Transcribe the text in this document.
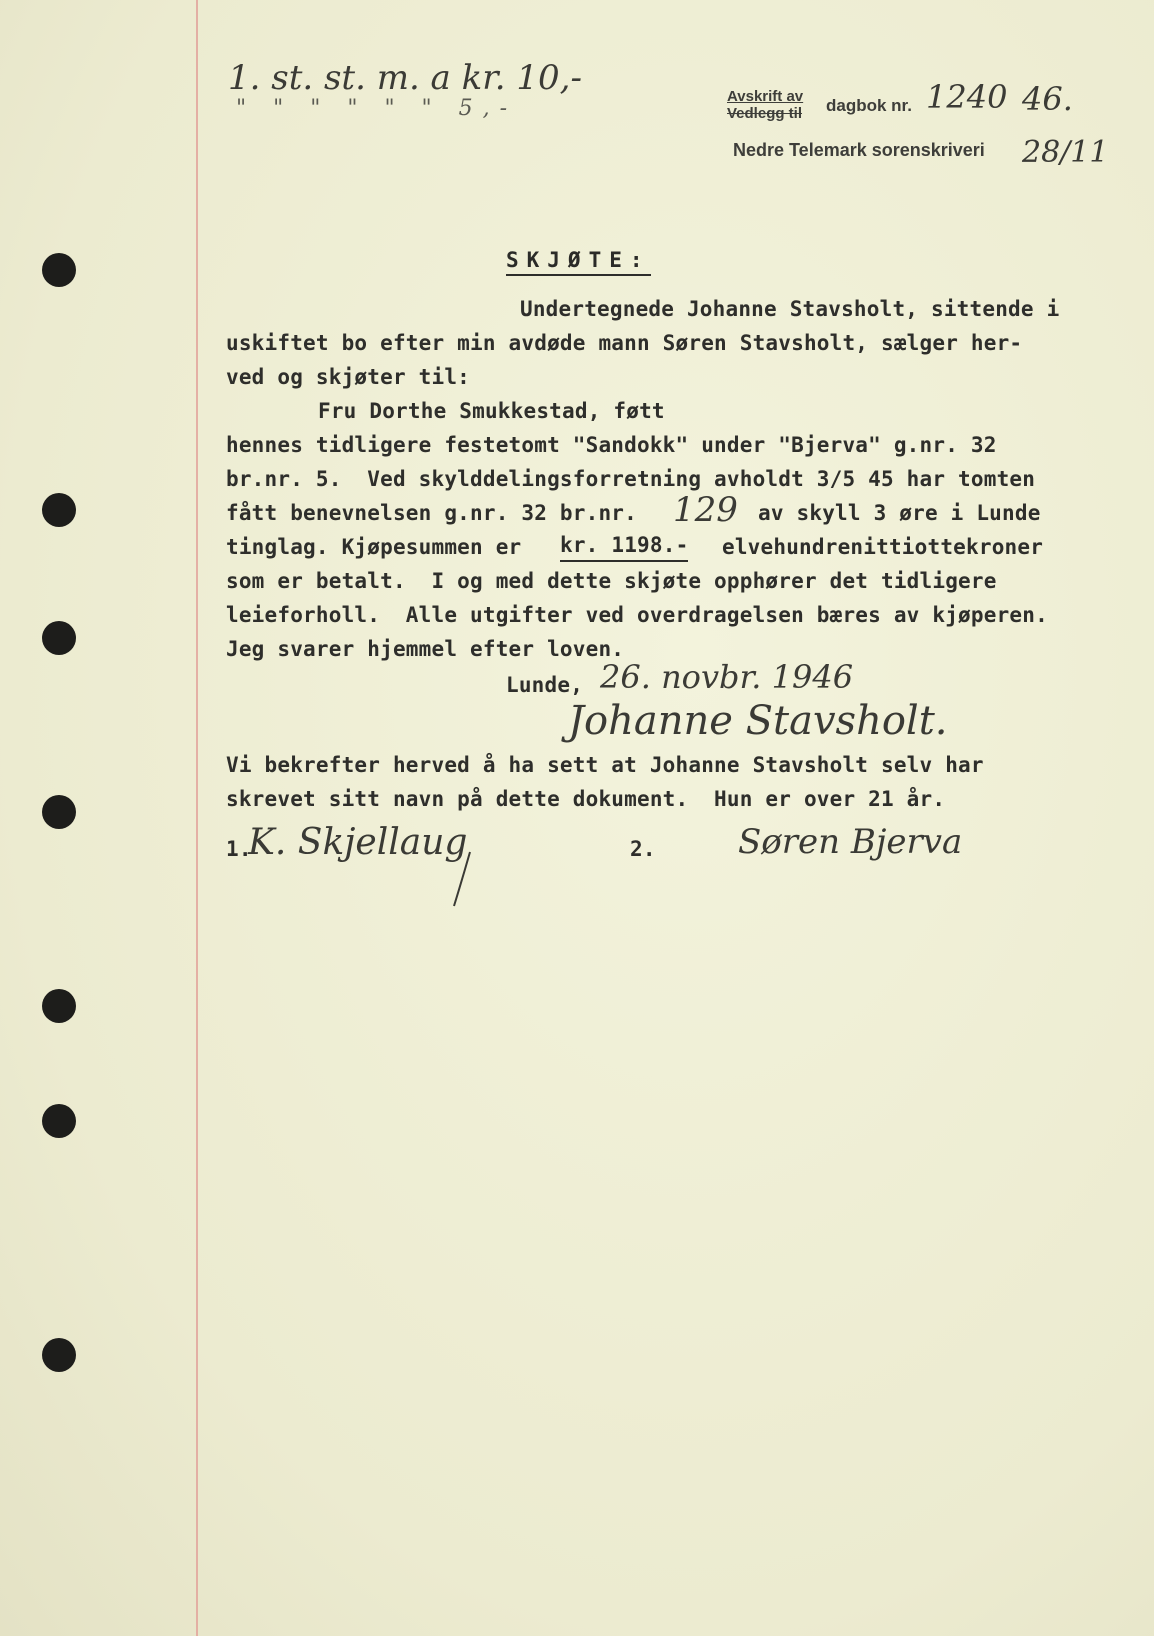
1. st. st. m. a kr. 10,-
" " " " " " 5,-	Avskrift av
Vedlegg til dagbok nr. 1240 46.
Nedre Telemark sorenskriveri 28/11
SKJØTE:
Undertegnede Johanne Stavsholt, sittende i
uskiftet bo efter min avdøde mann Søren Stavsholt, sælger her-
ved og skjøter til:
Fru Dorthe Smukkestad, føtt
hennes tidligere festetomt "Sandokk" under "Bjerva" g.nr. 32
br.nr. 5.  Ved skylddelingsforretning avholdt 3/5 45 har tomten
fått benevnelsen g.nr. 32 br.nr. 129 av skyll 3 øre i Lunde
tinglag. Kjøpesummen er kr. 1198.- elvehundrenittiottekroner
som er betalt.  I og med dette skjøte opphører det tidligere
leieforholl.  Alle utgifter ved overdragelsen bæres av kjøperen.
Jeg svarer hjemmel efter loven.
Lunde, 26. novbr. 1946
Johanne Stavsholt.
Vi bekrefter herved å ha sett at Johanne Stavsholt selv har
skrevet sitt navn på dette dokument.  Hun er over 21 år.
1.
K. Skjellaug	2. Søren Bjerva
